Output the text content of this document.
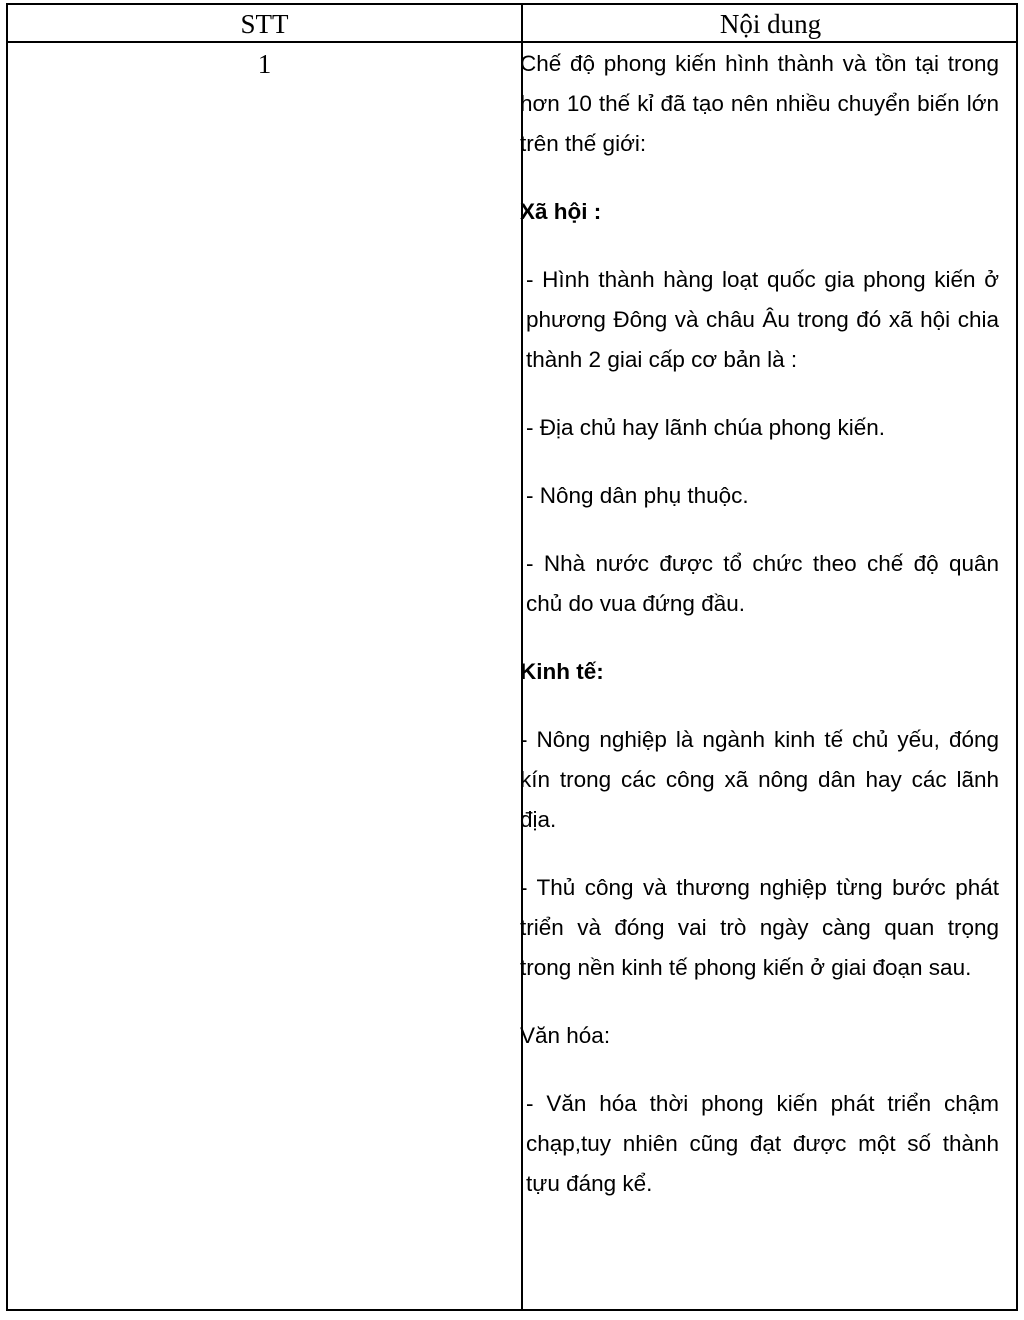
STT	Nội dung
1	Chế độ phong kiến hình thành và tồn tại trong hơn 10 thế kỉ đã tạo nên nhiều chuyển biến lớn trên thế giới:

Xã hội :

- Hình thành hàng loạt quốc gia phong kiến ở phương Đông và châu Âu trong đó xã hội chia thành 2 giai cấp cơ bản là :

- Địa chủ hay lãnh chúa phong kiến.

- Nông dân phụ thuộc.

- Nhà nước được tổ chức theo chế độ quân chủ do vua đứng đầu.

Kinh tế:

- Nông nghiệp là ngành kinh tế chủ yếu, đóng kín trong các công xã nông dân hay các lãnh địa.

- Thủ công và thương nghiệp từng bước phát triển và đóng vai trò ngày càng quan trọng trong nền kinh tế phong kiến ở giai đoạn sau.

Văn hóa:

- Văn hóa thời phong kiến phát triển chậm chạp,tuy nhiên cũng đạt được một số thành tựu đáng kể.
